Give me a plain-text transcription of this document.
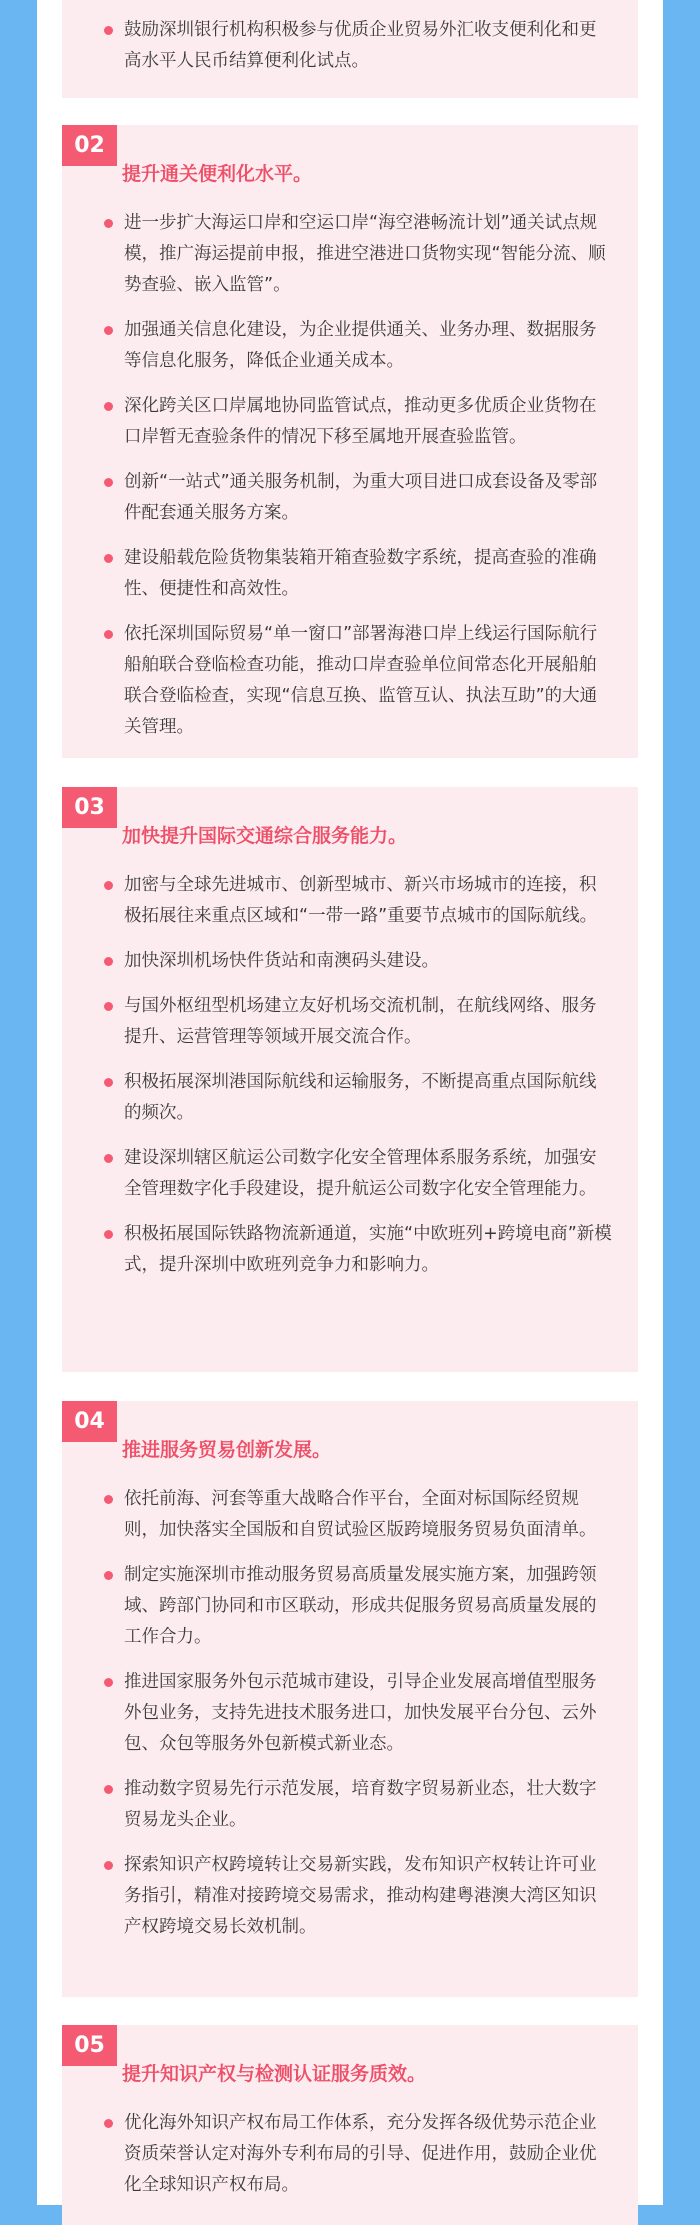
鼓励深圳银行机构积极参与优质企业贸易外汇收支便利化和更高水平人民币结算便利化试点。
02
提升通关便利化水平。
进一步扩大海运口岸和空运口岸“海空港畅流计划”通关试点规模，推广海运提前申报，推进空港进口货物实现“智能分流、顺势查验、嵌入监管”。
加强通关信息化建设，为企业提供通关、业务办理、数据服务等信息化服务，降低企业通关成本。
深化跨关区口岸属地协同监管试点，推动更多优质企业货物在口岸暂无查验条件的情况下移至属地开展查验监管。
创新“一站式”通关服务机制，为重大项目进口成套设备及零部件配套通关服务方案。
建设船载危险货物集装箱开箱查验数字系统，提高查验的准确性、便捷性和高效性。
依托深圳国际贸易“单一窗口”部署海港口岸上线运行国际航行船舶联合登临检查功能，推动口岸查验单位间常态化开展船舶联合登临检查，实现“信息互换、监管互认、执法互助”的大通关管理。
03
加快提升国际交通综合服务能力。
加密与全球先进城市、创新型城市、新兴市场城市的连接，积极拓展往来重点区域和“一带一路”重要节点城市的国际航线。
加快深圳机场快件货站和南澳码头建设。
与国外枢纽型机场建立友好机场交流机制，在航线网络、服务提升、运营管理等领域开展交流合作。
积极拓展深圳港国际航线和运输服务，不断提高重点国际航线的频次。
建设深圳辖区航运公司数字化安全管理体系服务系统，加强安全管理数字化手段建设，提升航运公司数字化安全管理能力。
积极拓展国际铁路物流新通道，实施“中欧班列+跨境电商”新模式，提升深圳中欧班列竞争力和影响力。
04
推进服务贸易创新发展。
依托前海、河套等重大战略合作平台，全面对标国际经贸规则，加快落实全国版和自贸试验区版跨境服务贸易负面清单。
制定实施深圳市推动服务贸易高质量发展实施方案，加强跨领域、跨部门协同和市区联动，形成共促服务贸易高质量发展的工作合力。
推进国家服务外包示范城市建设，引导企业发展高增值型服务外包业务，支持先进技术服务进口，加快发展平台分包、云外包、众包等服务外包新模式新业态。
推动数字贸易先行示范发展，培育数字贸易新业态，壮大数字贸易龙头企业。
探索知识产权跨境转让交易新实践，发布知识产权转让许可业务指引，精准对接跨境交易需求，推动构建粤港澳大湾区知识产权跨境交易长效机制。
05
提升知识产权与检测认证服务质效。
优化海外知识产权布局工作体系，充分发挥各级优势示范企业资质荣誉认定对海外专利布局的引导、促进作用，鼓励企业优化全球知识产权布局。
